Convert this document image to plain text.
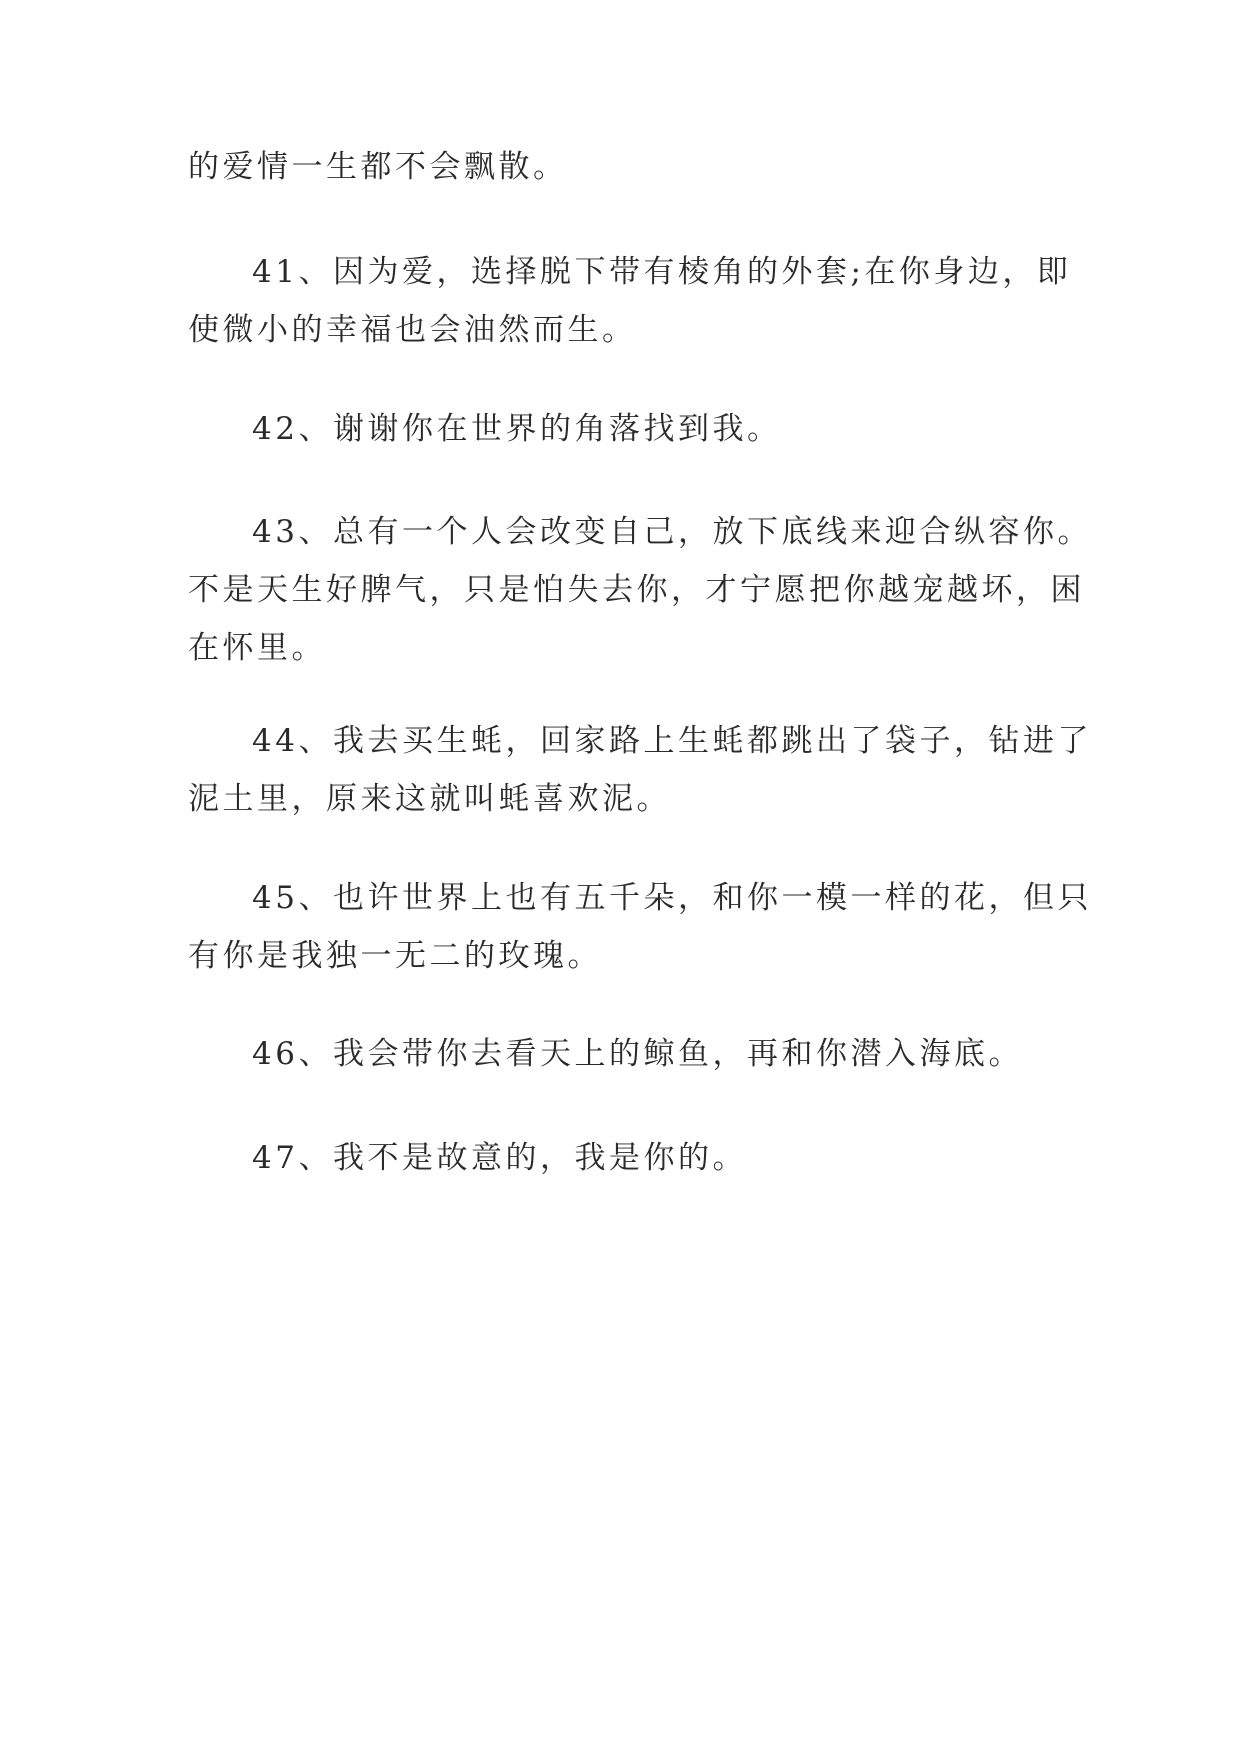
的爱情一生都不会飘散。

41、因为爱，选择脱下带有棱角的外套;在你身边，即
使微小的幸福也会油然而生。

42、谢谢你在世界的角落找到我。

43、总有一个人会改变自己，放下底线来迎合纵容你。
不是天生好脾气，只是怕失去你，才宁愿把你越宠越坏，困
在怀里。

44、我去买生蚝，回家路上生蚝都跳出了袋子，钻进了
泥土里，原来这就叫蚝喜欢泥。

45、也许世界上也有五千朵，和你一模一样的花，但只
有你是我独一无二的玫瑰。

46、我会带你去看天上的鲸鱼，再和你潜入海底。

47、我不是故意的，我是你的。
